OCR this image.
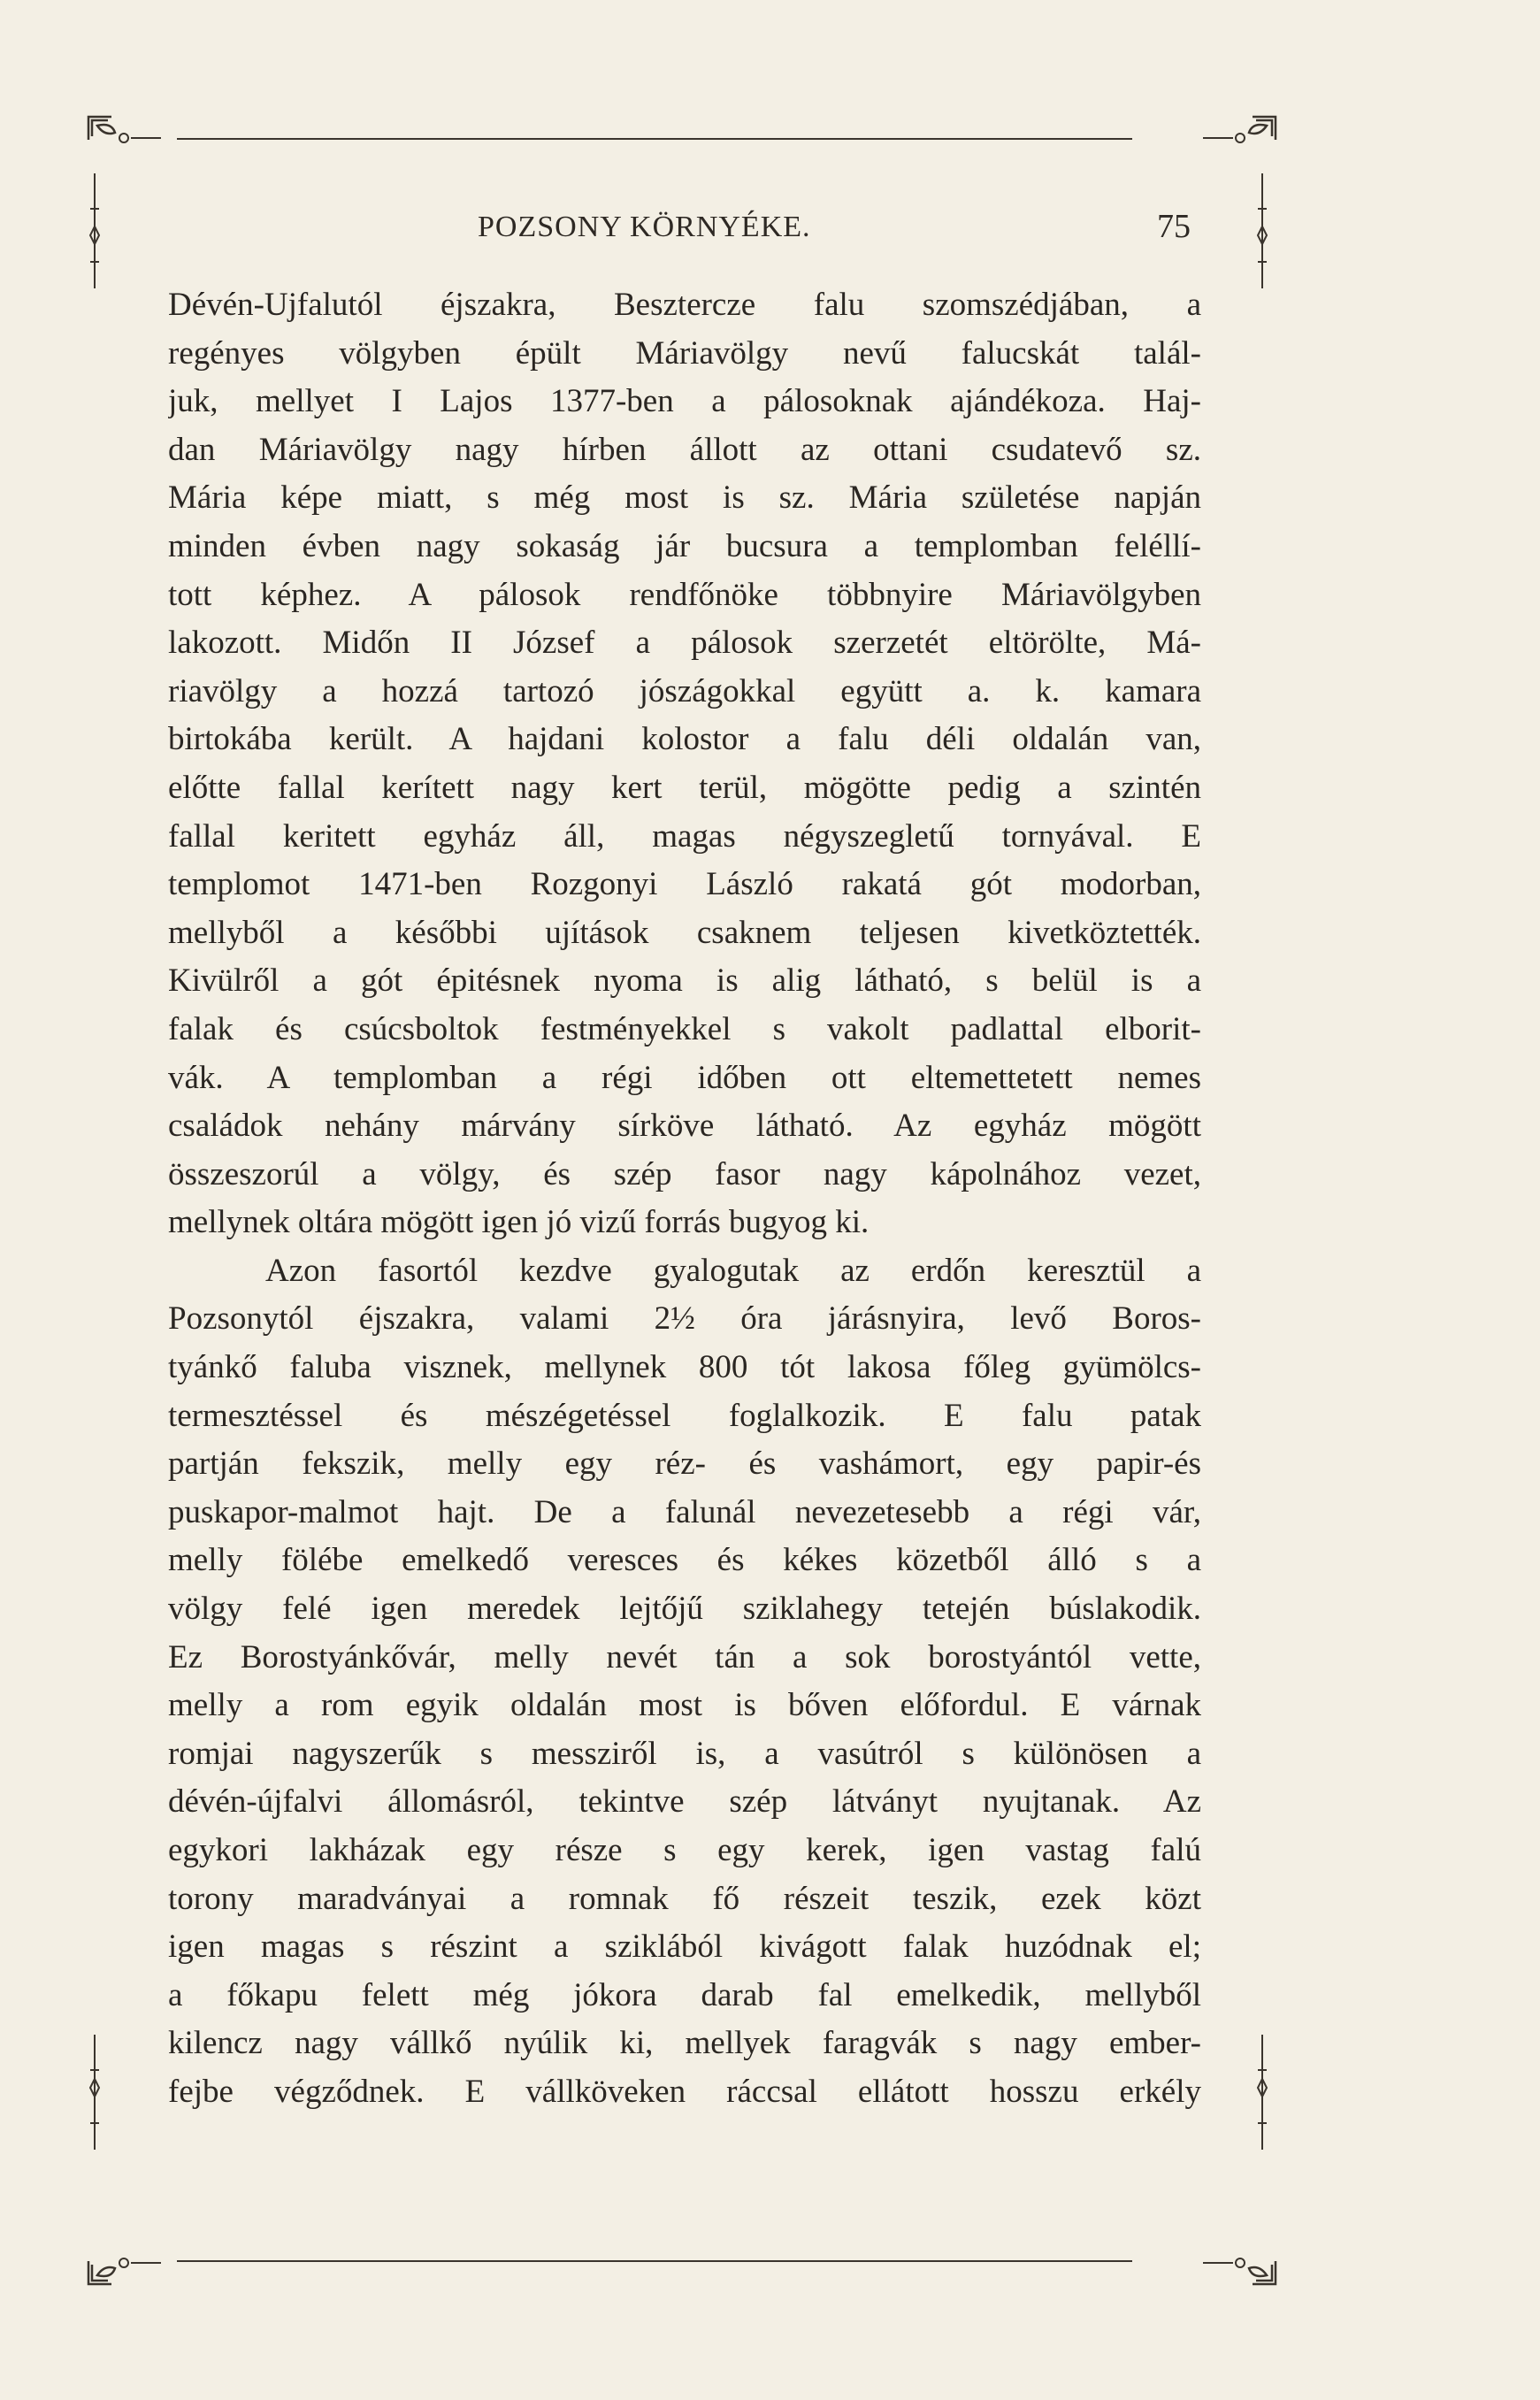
POZSONY KÖRNYÉKE.	75
Dévén-Ujfalutól éjszakra, Besztercze falu szomszédjában, a
regényes völgyben épült Máriavölgy nevű falucskát talál-
juk, mellyet I Lajos 1377-ben a pálosoknak ajándékoza. Haj-
dan Máriavölgy nagy hírben állott az ottani csudatevő sz.
Mária képe miatt, s még most is sz. Mária születése napján
minden évben nagy sokaság jár bucsura a templomban feléllí-
tott képhez. A pálosok rendfőnöke többnyire Máriavölgyben
lakozott. Midőn II József a pálosok szerzetét eltörölte, Má-
riavölgy a hozzá tartozó jószágokkal együtt a. k. kamara
birtokába került. A hajdani kolostor a falu déli oldalán van,
előtte fallal kerített nagy kert terül, mögötte pedig a szintén
fallal keritett egyház áll, magas négyszegletű tornyával. E
templomot 1471-ben Rozgonyi László rakatá gót modorban,
mellyből a későbbi ujítások csaknem teljesen kivetköztették.
Kivülről a gót épitésnek nyoma is alig látható, s belül is a
falak és csúcsboltok festményekkel s vakolt padlattal elborit-
vák. A templomban a régi időben ott eltemettetett nemes
családok nehány márvány sírköve látható. Az egyház mögött
összeszorúl a völgy, és szép fasor nagy kápolnához vezet,
mellynek oltára mögött igen jó vizű forrás bugyog ki.
Azon fasortól kezdve gyalogutak az erdőn keresztül a
Pozsonytól éjszakra, valami 2½ óra járásnyira, levő Boros-
tyánkő faluba visznek, mellynek 800 tót lakosa főleg gyümölcs-
termesztéssel és mészégetéssel foglalkozik. E falu patak
partján fekszik, melly egy réz- és vashámort, egy papir-és
puskapor-malmot hajt. De a falunál nevezetesebb a régi vár,
melly fölébe emelkedő veresces és kékes közetből álló s a
völgy felé igen meredek lejtőjű sziklahegy tetején búslakodik.
Ez Borostyánkővár, melly nevét tán a sok borostyántól vette,
melly a rom egyik oldalán most is bőven előfordul. E várnak
romjai nagyszerűk s messziről is, a vasútról s különösen a
dévén-újfalvi állomásról, tekintve szép látványt nyujtanak. Az
egykori lakházak egy része s egy kerek, igen vastag falú
torony maradványai a romnak fő részeit teszik, ezek közt
igen magas s részint a sziklából kivágott falak huzódnak el;
a főkapu felett még jókora darab fal emelkedik, mellyből
kilencz nagy vállkő nyúlik ki, mellyek faragvák s nagy ember-
fejbe végződnek. E vállköveken ráccsal ellátott hosszu erkély
